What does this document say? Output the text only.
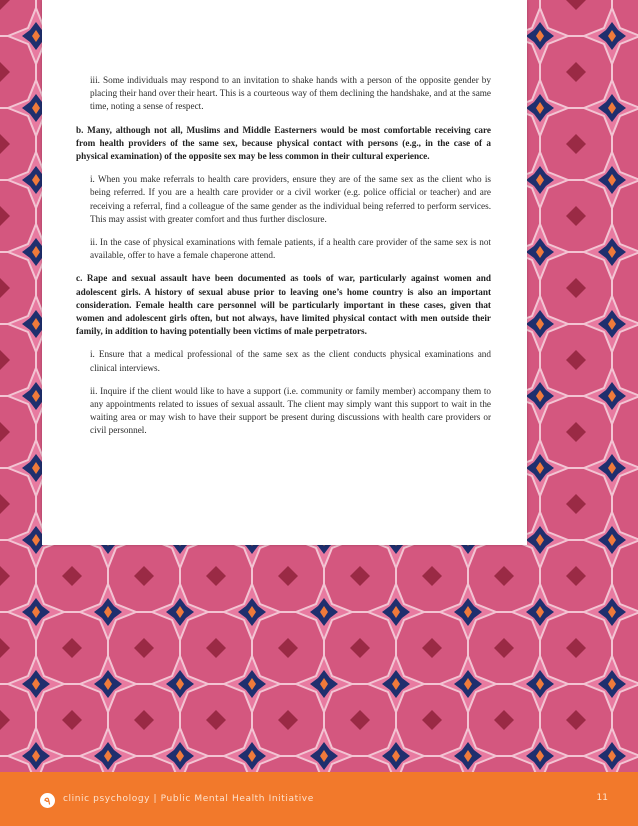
iii. Some individuals may respond to an invitation to shake hands with a person of the opposite gender by placing their hand over their heart. This is a courteous way of them declining the handshake, and at the same time, noting a sense of respect.

b. Many, although not all, Muslims and Middle Easterners would be most comfortable receiving care from health providers of the same sex, because physical contact with persons (e.g., in the case of a physical examination) of the opposite sex may be less common in their cultural experience.

i. When you make referrals to health care providers, ensure they are of the same sex as the client who is being referred. If you are a health care provider or a civil worker (e.g. police official or teacher) and are receiving a referral, find a colleague of the same gender as the individual being referred to perform services. This may assist with greater comfort and thus further disclosure.

ii. In the case of physical examinations with female patients, if a health care provider of the same sex is not available, offer to have a female chaperone attend.

c. Rape and sexual assault have been documented as tools of war, particularly against women and adolescent girls. A history of sexual abuse prior to leaving one’s home country is also an important consideration. Female health care personnel will be particularly important in these cases, given that women and adolescent girls often, but not always, have limited physical contact with men outside their family, in addition to having potentially been victims of male perpetrators.

i. Ensure that a medical professional of the same sex as the client conducts physical examinations and clinical interviews.

ii. Inquire if the client would like to have a support (i.e. community or family member) accompany them to any appointments related to issues of sexual assault. The client may simply want this support to wait in the waiting area or may wish to have their support be present during discussions with health care providers or civil personnel.

clinic psychology | Public Mental Health Initiative	11
